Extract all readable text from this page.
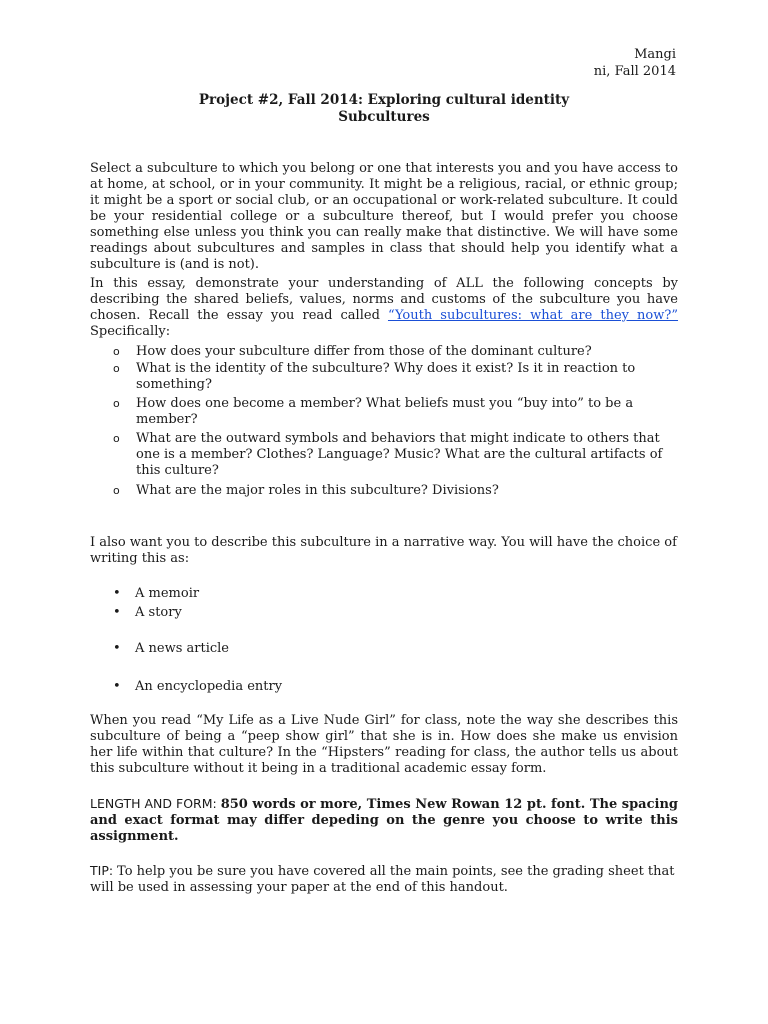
Mangi
ni, Fall 2014
Project #2, Fall 2014: Exploring cultural identity
Subcultures

Select a subculture to which you belong or one that interests you and you have access to at home, at school, or in your community. It might be a religious, racial, or ethnic group; it might be a sport or social club, or an occupational or work-related subculture. It could be your residential college or a subculture thereof, but I would prefer you choose something else unless you think you can really make that distinctive. We will have some readings about subcultures and samples in class that should help you identify what a subculture is (and is not).

In this essay, demonstrate your understanding of ALL the following concepts by describing the shared beliefs, values, norms and customs of the subculture you have chosen. Recall the essay you read called “Youth subcultures: what are they now?” Specifically:

o How does your subculture differ from those of the dominant culture?
o What is the identity of the subculture? Why does it exist? Is it in reaction to something?
o How does one become a member? What beliefs must you “buy into” to be a member?
o What are the outward symbols and behaviors that might indicate to others that one is a member? Clothes? Language? Music? What are the cultural artifacts of this culture?
o What are the major roles in this subculture? Divisions?

I also want you to describe this subculture in a narrative way. You will have the choice of writing this as:

• A memoir
• A story
• A news article
• An encyclopedia entry

When you read “My Life as a Live Nude Girl” for class, note the way she describes this subculture of being a “peep show girl” that she is in. How does she make us envision her life within that culture? In the “Hipsters” reading for class, the author tells us about this subculture without it being in a traditional academic essay form.

LENGTH AND FORM: 850 words or more, Times New Rowan 12 pt. font. The spacing and exact format may differ depeding on the genre you choose to write this assignment.

TIP: To help you be sure you have covered all the main points, see the grading sheet that will be used in assessing your paper at the end of this handout.
